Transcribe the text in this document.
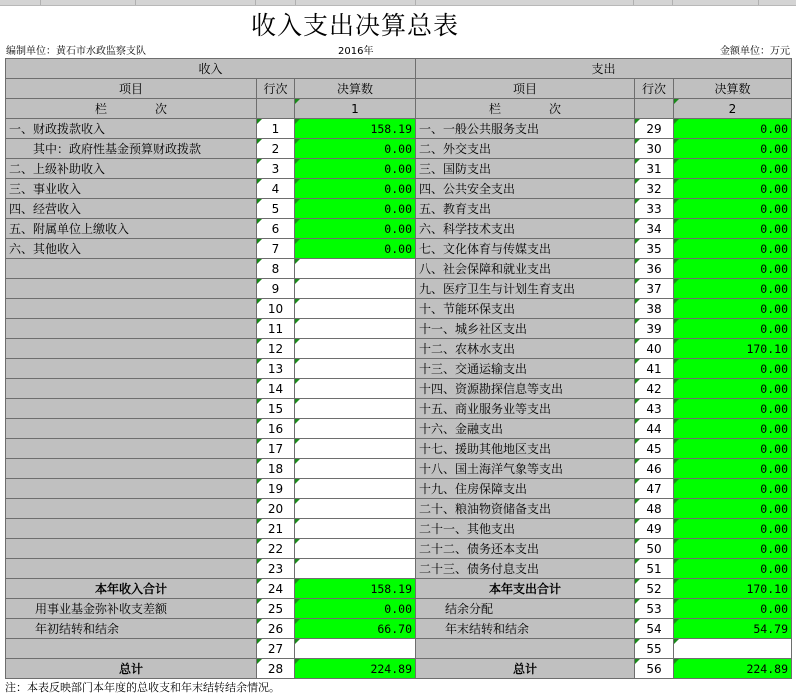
收入支出决算总表
编制单位：黄石市水政监察支队	2016年	金额单位：万元
收入			支出		
项目	行次	决算数	项目	行次	决算数
栏　　　　次		1	栏　　　　次		2
一、财政拨款收入	1	158.19	一、一般公共服务支出	29	0.00
其中：政府性基金预算财政拨款	2	0.00	二、外交支出	30	0.00
二、上级补助收入	3	0.00	三、国防支出	31	0.00
三、事业收入	4	0.00	四、公共安全支出	32	0.00
四、经营收入	5	0.00	五、教育支出	33	0.00
五、附属单位上缴收入	6	0.00	六、科学技术支出	34	0.00
六、其他收入	7	0.00	七、文化体育与传媒支出	35	0.00
	8		八、社会保障和就业支出	36	0.00
	9		九、医疗卫生与计划生育支出	37	0.00
	10		十、节能环保支出	38	0.00
	11		十一、城乡社区支出	39	0.00
	12		十二、农林水支出	40	170.10
	13		十三、交通运输支出	41	0.00
	14		十四、资源勘探信息等支出	42	0.00
	15		十五、商业服务业等支出	43	0.00
	16		十六、金融支出	44	0.00
	17		十七、援助其他地区支出	45	0.00
	18		十八、国土海洋气象等支出	46	0.00
	19		十九、住房保障支出	47	0.00
	20		二十、粮油物资储备支出	48	0.00
	21		二十一、其他支出	49	0.00
	22		二十二、债务还本支出	50	0.00
	23		二十三、债务付息支出	51	0.00
本年收入合计	24	158.19	本年支出合计	52	170.10
用事业基金弥补收支差额	25	0.00	结余分配	53	0.00
年初结转和结余	26	66.70	年末结转和结余	54	54.79
	27			55	
总计	28	224.89	总计	56	224.89
注：本表反映部门本年度的总收支和年末结转结余情况。
